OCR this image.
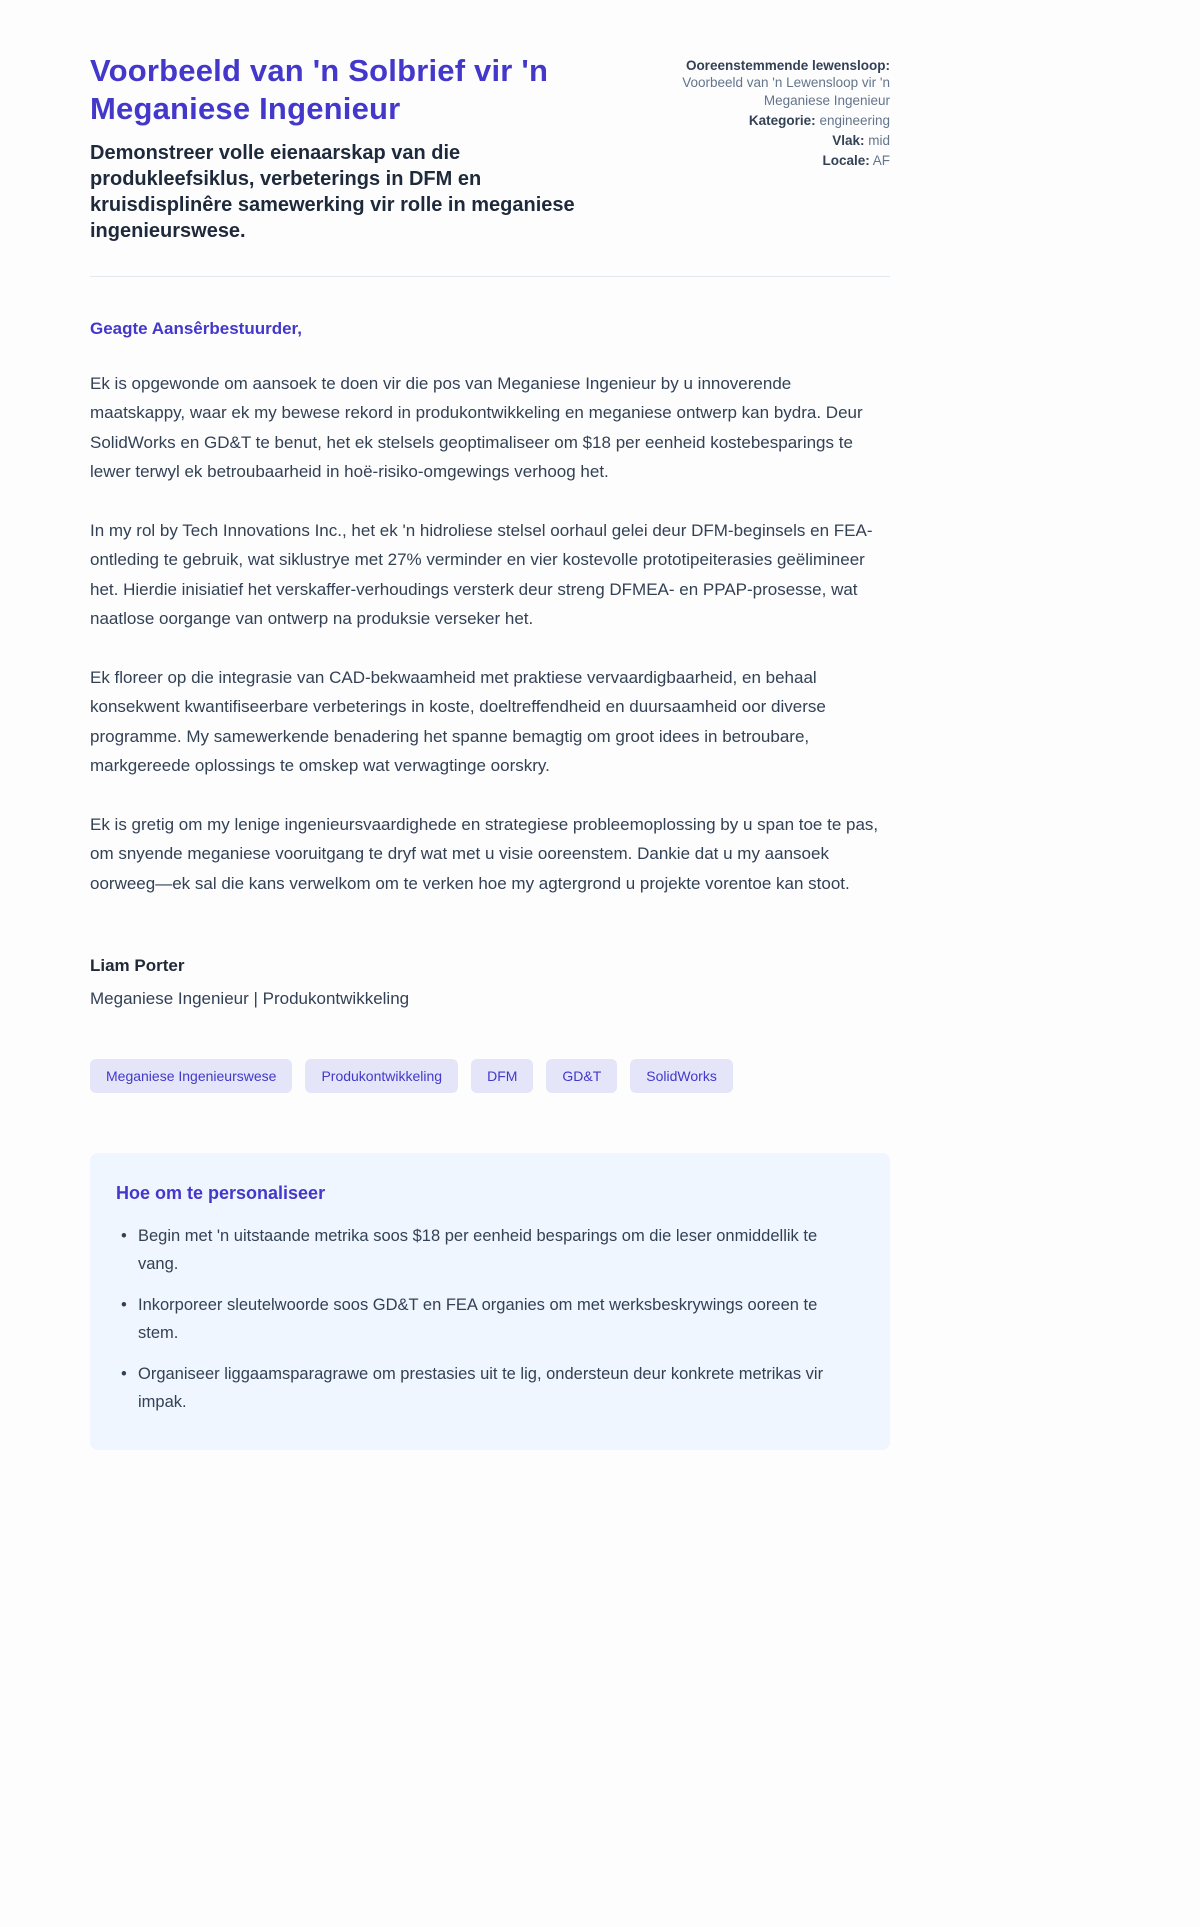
Voorbeeld van 'n Solbrief vir 'n Meganiese Ingenieur
Demonstreer volle eienaarskap van die produkleefsiklus, verbeterings in DFM en kruisdisplinêre samewerking vir rolle in meganiese ingenieurswese.
Ooreenstemmende lewensloop: Voorbeeld van 'n Lewensloop vir 'n Meganiese Ingenieur
Kategorie: engineering
Vlak: mid
Locale: AF
Geagte Aansêrbestuurder,

Ek is opgewonde om aansoek te doen vir die pos van Meganiese Ingenieur by u innoverende maatskappy, waar ek my bewese rekord in produkontwikkeling en meganiese ontwerp kan bydra. Deur SolidWorks en GD&T te benut, het ek stelsels geoptimaliseer om $18 per eenheid kostebesparings te lewer terwyl ek betroubaarheid in hoë-risiko-omgewings verhoog het.

In my rol by Tech Innovations Inc., het ek 'n hidroliese stelsel oorhaul gelei deur DFM-beginsels en FEA-ontleding te gebruik, wat siklustrye met 27% verminder en vier kostevolle prototipeiterasies geëlimineer het. Hierdie inisiatief het verskaffer-verhoudings versterk deur streng DFMEA- en PPAP-prosesse, wat naatlose oorgange van ontwerp na produksie verseker het.

Ek floreer op die integrasie van CAD-bekwaamheid met praktiese vervaardigbaarheid, en behaal konsekwent kwantifiseerbare verbeterings in koste, doeltreffendheid en duursaamheid oor diverse programme. My samewerkende benadering het spanne bemagtig om groot idees in betroubare, markgereede oplossings te omskep wat verwagtinge oorskry.

Ek is gretig om my lenige ingenieursvaardighede en strategiese probleemoplossing by u span toe te pas, om snyende meganiese vooruitgang te dryf wat met u visie ooreenstem. Dankie dat u my aansoek oorweeg—ek sal die kans verwelkom om te verken hoe my agtergrond u projekte vorentoe kan stoot.

Liam Porter
Meganiese Ingenieur | Produkontwikkeling
Meganiese Ingenieurswese	Produkontwikkeling	DFM	GD&T	SolidWorks
Hoe om te personaliseer
• Begin met 'n uitstaande metrika soos $18 per eenheid besparings om die leser onmiddellik te vang.
• Inkorporeer sleutelwoorde soos GD&T en FEA organies om met werksbeskrywings ooreen te stem.
• Organiseer liggaamsparagrawe om prestasies uit te lig, ondersteun deur konkrete metrikas vir impak.
